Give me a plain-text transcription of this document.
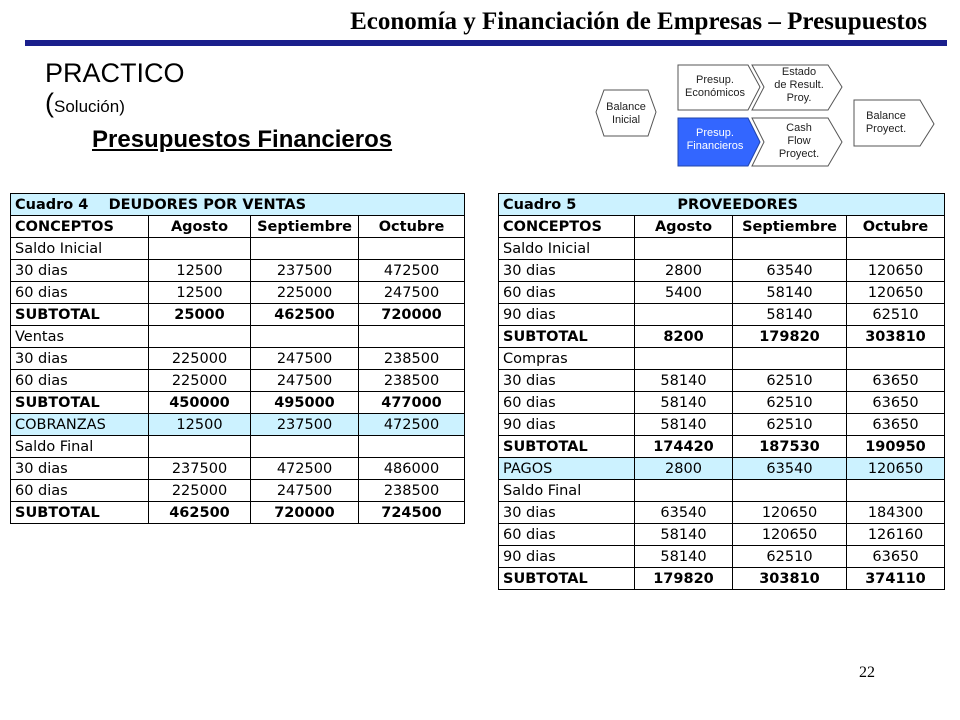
Economía y Financiación de Empresas – Presupuestos
PRACTICO
(Solución)
Presupuestos Financieros
Balance
Inicial
Presup.
Económicos
Estado
de Result.
Proy.
Presup.
Financieros
Cash
Flow
Proyect.
Balance
Proyect.
Cuadro 4 DEUDORES POR VENTAS			
CONCEPTOS	Agosto	Septiembre	Octubre
Saldo Inicial			
30 dias	12500	237500	472500
60 dias	12500	225000	247500
SUBTOTAL	25000	462500	720000
Ventas			
30 dias	225000	247500	238500
60 dias	225000	247500	238500
SUBTOTAL	450000	495000	477000
COBRANZAS	12500	237500	472500
Saldo Final			
30 dias	237500	472500	486000
60 dias	225000	247500	238500
SUBTOTAL	462500	720000	724500
Cuadro 5 PROVEEDORES			
CONCEPTOS	Agosto	Septiembre	Octubre
Saldo Inicial			
30 dias	2800	63540	120650
60 dias	5400	58140	120650
90 dias		58140	62510
SUBTOTAL	8200	179820	303810
Compras			
30 dias	58140	62510	63650
60 dias	58140	62510	63650
90 dias	58140	62510	63650
SUBTOTAL	174420	187530	190950
PAGOS	2800	63540	120650
Saldo Final			
30 dias	63540	120650	184300
60 dias	58140	120650	126160
90 dias	58140	62510	63650
SUBTOTAL	179820	303810	374110
22
